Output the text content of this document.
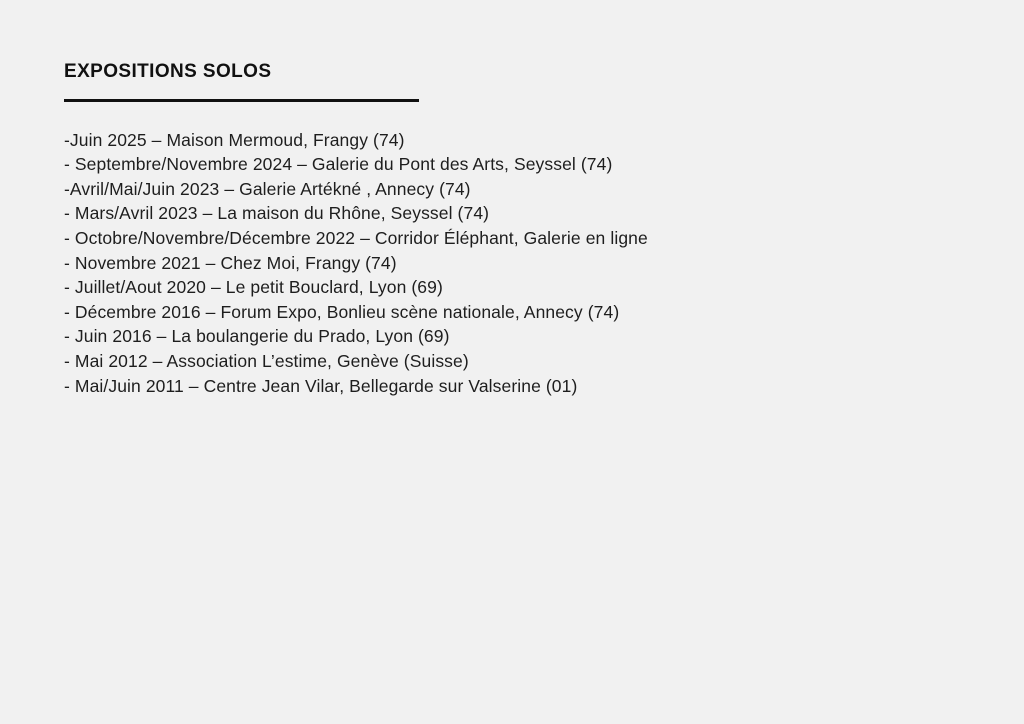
EXPOSITIONS SOLOS
-Juin 2025 – Maison Mermoud, Frangy (74)
- Septembre/Novembre 2024 – Galerie du Pont des Arts, Seyssel (74)
-Avril/Mai/Juin 2023 – Galerie Artékné , Annecy (74)
- Mars/Avril 2023 – La maison du Rhône, Seyssel (74)
- Octobre/Novembre/Décembre 2022 – Corridor Éléphant, Galerie en ligne
- Novembre 2021 – Chez Moi, Frangy (74)
- Juillet/Aout 2020 – Le petit Bouclard, Lyon (69)
- Décembre 2016 – Forum Expo, Bonlieu scène nationale, Annecy (74)
- Juin 2016 – La boulangerie du Prado, Lyon (69)
- Mai 2012 – Association L’estime, Genève (Suisse)
- Mai/Juin 2011 – Centre Jean Vilar, Bellegarde sur Valserine (01)
